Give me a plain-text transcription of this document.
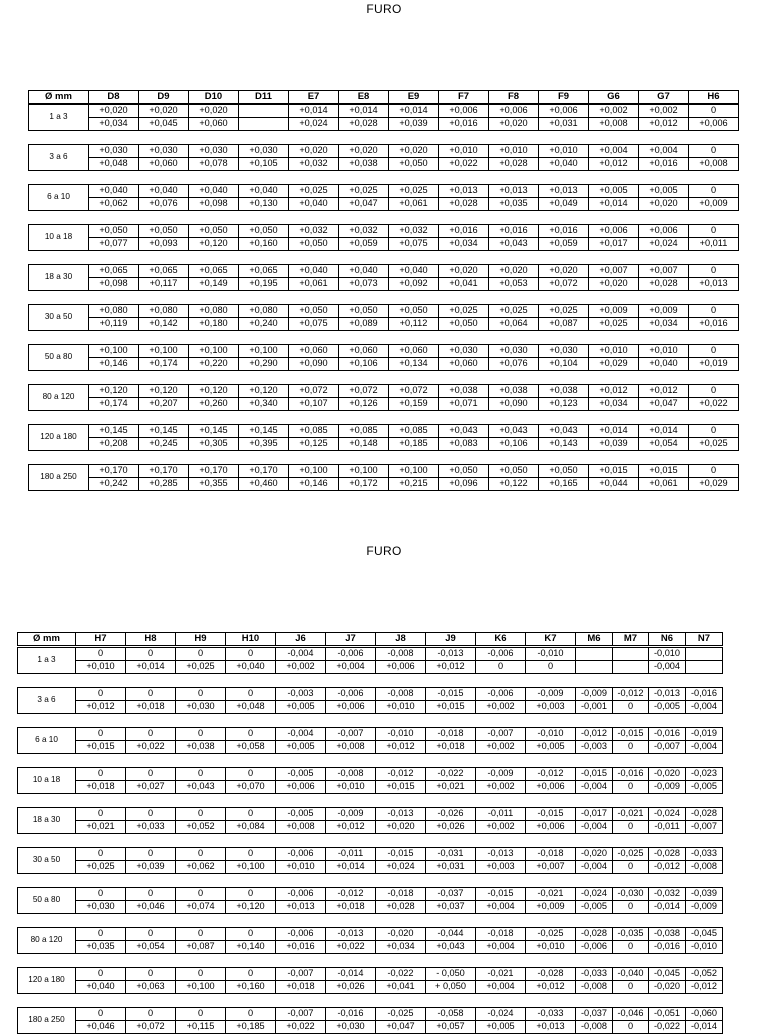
FURO
Ø mm	D8	D9	D10	D11	E7	E8	E9	F7	F8	F9	G6	G7	H6
1 a 3	+0,020	+0,020	+0,020		+0,014	+0,014	+0,014	+0,006	+0,006	+0,006	+0,002	+0,002	0
	+0,034	+0,045	+0,060		+0,024	+0,028	+0,039	+0,016	+0,020	+0,031	+0,008	+0,012	+0,006
3 a 6	+0,030	+0,030	+0,030	+0,030	+0,020	+0,020	+0,020	+0,010	+0,010	+0,010	+0,004	+0,004	0
	+0,048	+0,060	+0,078	+0,105	+0,032	+0,038	+0,050	+0,022	+0,028	+0,040	+0,012	+0,016	+0,008
6 a 10	+0,040	+0,040	+0,040	+0,040	+0,025	+0,025	+0,025	+0,013	+0,013	+0,013	+0,005	+0,005	0
	+0,062	+0,076	+0,098	+0,130	+0,040	+0,047	+0,061	+0,028	+0,035	+0,049	+0,014	+0,020	+0,009
10 a 18	+0,050	+0,050	+0,050	+0,050	+0,032	+0,032	+0,032	+0,016	+0,016	+0,016	+0,006	+0,006	0
	+0,077	+0,093	+0,120	+0,160	+0,050	+0,059	+0,075	+0,034	+0,043	+0,059	+0,017	+0,024	+0,011
18 a 30	+0,065	+0,065	+0,065	+0,065	+0,040	+0,040	+0,040	+0,020	+0,020	+0,020	+0,007	+0,007	0
	+0,098	+0,117	+0,149	+0,195	+0,061	+0,073	+0,092	+0,041	+0,053	+0,072	+0,020	+0,028	+0,013
30 a 50	+0,080	+0,080	+0,080	+0,080	+0,050	+0,050	+0,050	+0,025	+0,025	+0,025	+0,009	+0,009	0
	+0,119	+0,142	+0,180	+0,240	+0,075	+0,089	+0,112	+0,050	+0,064	+0,087	+0,025	+0,034	+0,016
50 a 80	+0,100	+0,100	+0,100	+0,100	+0,060	+0,060	+0,060	+0,030	+0,030	+0,030	+0,010	+0,010	0
	+0,146	+0,174	+0,220	+0,290	+0,090	+0,106	+0,134	+0,060	+0,076	+0,104	+0,029	+0,040	+0,019
80 a 120	+0,120	+0,120	+0,120	+0,120	+0,072	+0,072	+0,072	+0,038	+0,038	+0,038	+0,012	+0,012	0
	+0,174	+0,207	+0,260	+0,340	+0,107	+0,126	+0,159	+0,071	+0,090	+0,123	+0,034	+0,047	+0,022
120 a 180	+0,145	+0,145	+0,145	+0,145	+0,085	+0,085	+0,085	+0,043	+0,043	+0,043	+0,014	+0,014	0
	+0,208	+0,245	+0,305	+0,395	+0,125	+0,148	+0,185	+0,083	+0,106	+0,143	+0,039	+0,054	+0,025
180 a 250	+0,170	+0,170	+0,170	+0,170	+0,100	+0,100	+0,100	+0,050	+0,050	+0,050	+0,015	+0,015	0
	+0,242	+0,285	+0,355	+0,460	+0,146	+0,172	+0,215	+0,096	+0,122	+0,165	+0,044	+0,061	+0,029
FURO
Ø mm	H7	H8	H9	H10	J6	J7	J8	J9	K6	K7	M6	M7	N6	N7
1 a 3	0	0	0	0	-0,004	-0,006	-0,008	-0,013	-0,006	-0,010			-0,010	
	+0,010	+0,014	+0,025	+0,040	+0,002	+0,004	+0,006	+0,012	0	0			-0,004	
3 a 6	0	0	0	0	-0,003	-0,006	-0,008	-0,015	-0,006	-0,009	-0,009	-0,012	-0,013	-0,016
	+0,012	+0,018	+0,030	+0,048	+0,005	+0,006	+0,010	+0,015	+0,002	+0,003	-0,001	0	-0,005	-0,004
6 a 10	0	0	0	0	-0,004	-0,007	-0,010	-0,018	-0,007	-0,010	-0,012	-0,015	-0,016	-0,019
	+0,015	+0,022	+0,038	+0,058	+0,005	+0,008	+0,012	+0,018	+0,002	+0,005	-0,003	0	-0,007	-0,004
10 a 18	0	0	0	0	-0,005	-0,008	-0,012	-0,022	-0,009	-0,012	-0,015	-0,016	-0,020	-0,023
	+0,018	+0,027	+0,043	+0,070	+0,006	+0,010	+0,015	+0,021	+0,002	+0,006	-0,004	0	-0,009	-0,005
18 a 30	0	0	0	0	-0,005	-0,009	-0,013	-0,026	-0,011	-0,015	-0,017	-0,021	-0,024	-0,028
	+0,021	+0,033	+0,052	+0,084	+0,008	+0,012	+0,020	+0,026	+0,002	+0,006	-0,004	0	-0,011	-0,007
30 a 50	0	0	0	0	-0,006	-0,011	-0,015	-0,031	-0,013	-0,018	-0,020	-0,025	-0,028	-0,033
	+0,025	+0,039	+0,062	+0,100	+0,010	+0,014	+0,024	+0,031	+0,003	+0,007	-0,004	0	-0,012	-0,008
50 a 80	0	0	0	0	-0,006	-0,012	-0,018	-0,037	-0,015	-0,021	-0,024	-0,030	-0,032	-0,039
	+0,030	+0,046	+0,074	+0,120	+0,013	+0,018	+0,028	+0,037	+0,004	+0,009	-0,005	0	-0,014	-0,009
80 a 120	0	0	0	0	-0,006	-0,013	-0,020	-0,044	-0,018	-0,025	-0,028	-0,035	-0,038	-0,045
	+0,035	+0,054	+0,087	+0,140	+0,016	+0,022	+0,034	+0,043	+0,004	+0,010	-0,006	0	-0,016	-0,010
120 a 180	0	0	0	0	-0,007	-0,014	-0,022	- 0,050	-0,021	-0,028	-0,033	-0,040	-0,045	-0,052
	+0,040	+0,063	+0,100	+0,160	+0,018	+0,026	+0,041	+ 0,050	+0,004	+0,012	-0,008	0	-0,020	-0,012
180 a 250	0	0	0	0	-0,007	-0,016	-0,025	-0,058	-0,024	-0,033	-0,037	-0,046	-0,051	-0,060
	+0,046	+0,072	+0,115	+0,185	+0,022	+0,030	+0,047	+0,057	+0,005	+0,013	-0,008	0	-0,022	-0,014
